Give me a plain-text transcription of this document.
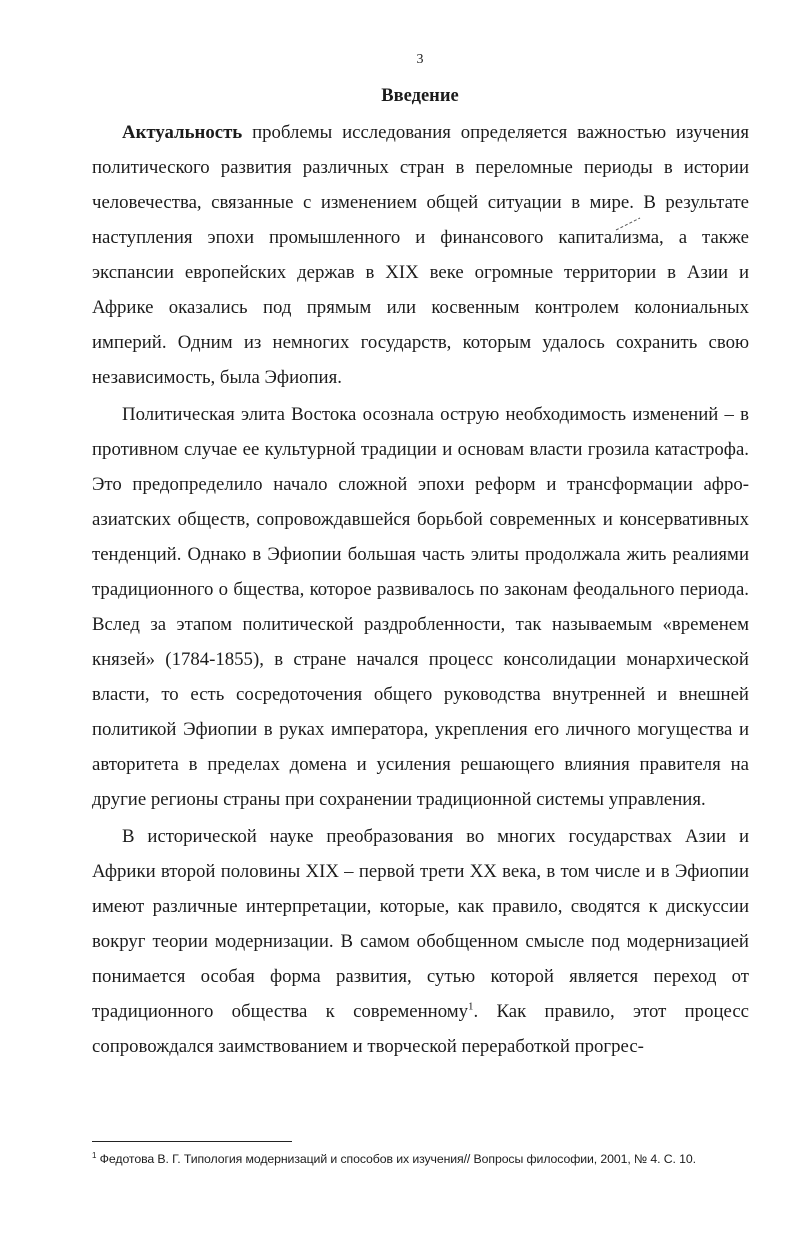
3
Введение

Актуальность проблемы исследования определяется важностью изучения политического развития различных стран в переломные периоды в истории человечества, связанные с изменением общей ситуации в мире. В результате наступления эпохи промышленного и финансового капитализма, а также экспансии европейских держав в XIX веке огромные территории в Азии и Африке оказались под прямым или косвенным контролем колониальных империй. Одним из немногих государств, которым удалось сохранить свою независимость, была Эфиопия.

Политическая элита Востока осознала острую необходимость изменений – в противном случае ее культурной традиции и основам власти грозила катастрофа. Это предопределило начало сложной эпохи реформ и трансформации афро-азиатских обществ, сопровождавшейся борьбой современных и консервативных тенденций. Однако в Эфиопии большая часть элиты продолжала жить реалиями традиционного о бщества, которое развивалось по законам феодального периода. Вслед за этапом политической раздробленности, так называемым «временем князей» (1784-1855), в стране начался процесс консолидации монархической власти, то есть сосредоточения общего руководства внутренней и внешней политикой Эфиопии в руках императора, укрепления его личного могущества и авторитета в пределах домена и усиления решающего влияния правителя на другие регионы страны при сохранении традиционной системы управления.

В исторической науке преобразования во многих государствах Азии и Африки второй половины XIX – первой трети XX века, в том числе и в Эфиопии имеют различные интерпретации, которые, как правило, сводятся к дискуссии вокруг теории модернизации. В самом обобщенном смысле под модернизацией понимается особая форма развития, сутью которой является переход от традиционного общества к современному$^1$. Как правило, этот процесс сопровождался заимствованием и творческой переработкой прогрес-

$^1$ Федотова В. Г. Типология модернизаций и способов их изучения// Вопросы философии, 2001, № 4. С. 10.
